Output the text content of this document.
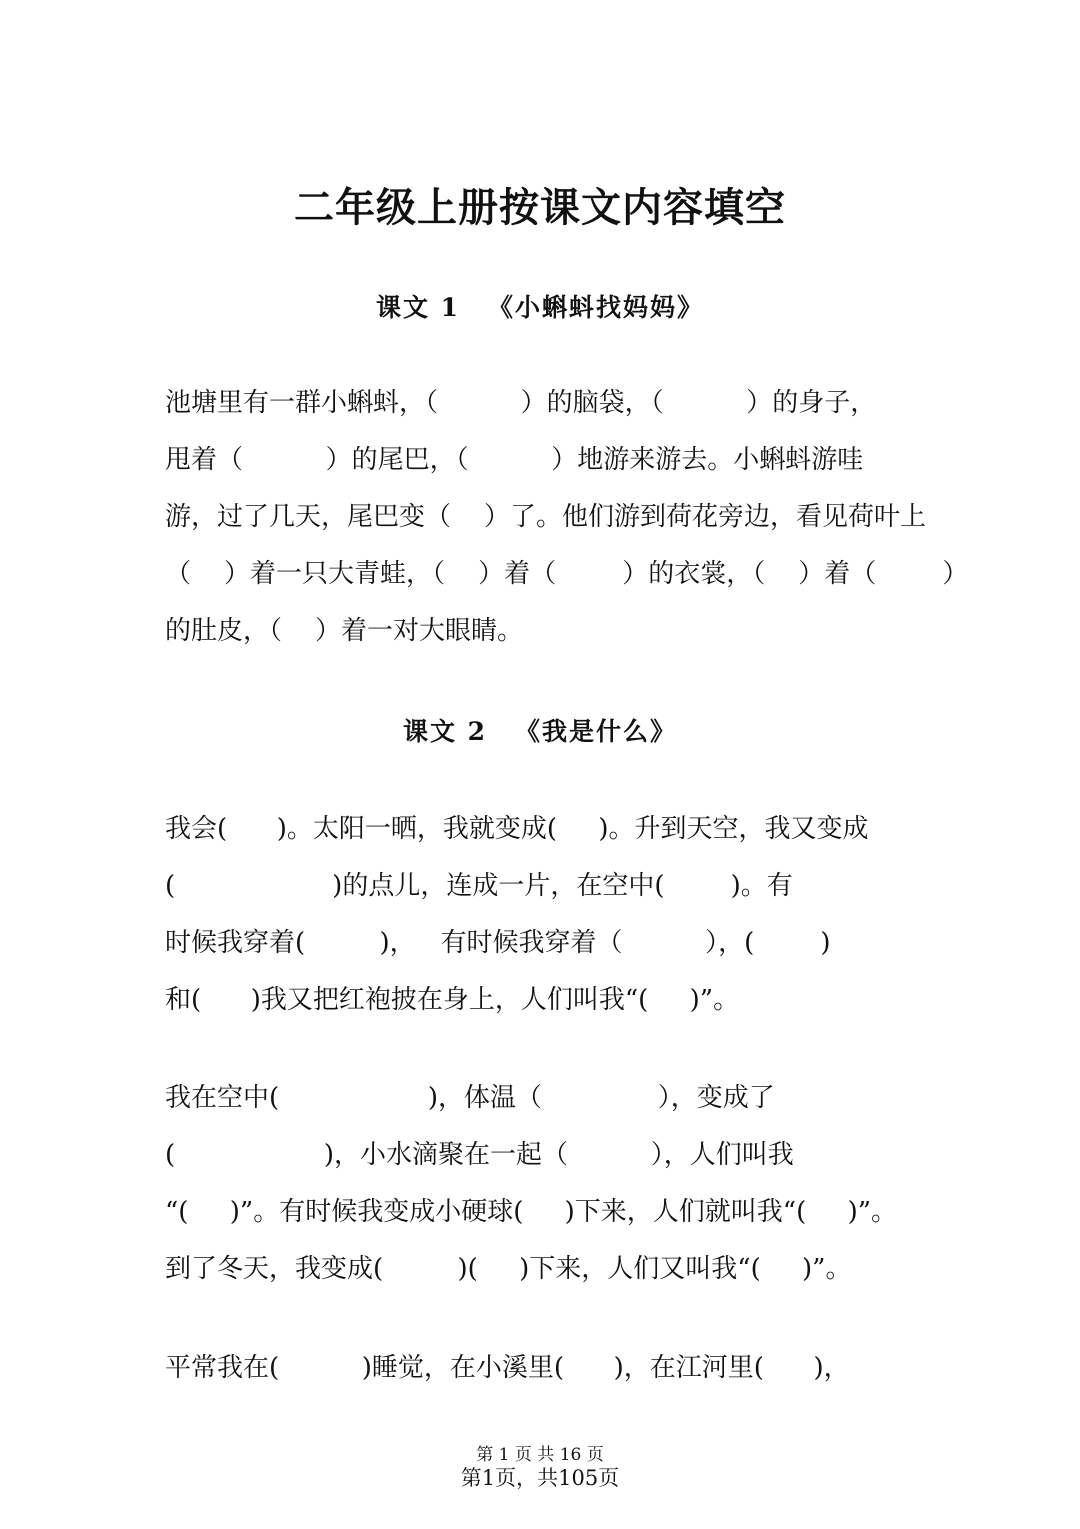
二年级上册按课文内容填空
课文 1 《小蝌蚪找妈妈》
池塘里有一群小蝌蚪，（          ）的脑袋，（          ）的身子，
甩着（          ）的尾巴，（          ）地游来游去。小蝌蚪游哇
游，过了几天，尾巴变（    ）了。他们游到荷花旁边，看见荷叶上
（    ）着一只大青蛙，（    ）着（        ）的衣裳，（    ）着（        ）
的肚皮，（    ）着一对大眼睛。
课文 2 《我是什么》
我会(      )。太阳一晒，我就变成(     )。升到天空，我又变成
(                   )的点儿，连成一片，在空中(        )。有
时候我穿着(         )，   有时候我穿着（          ），(        )
和(      )我又把红袍披在身上，人们叫我“(     )”。
我在空中(                  )，体温（              ），变成了
(                  )，小水滴聚在一起（          ），人们叫我
“(     )”。有时候我变成小硬球(     )下来，人们就叫我“(     )”。
到了冬天，我变成(         )(     )下来，人们又叫我“(     )”。
平常我在(          )睡觉，在小溪里(      )，在江河里(      )，
第 1 页 共 16 页
第1页，共105页
